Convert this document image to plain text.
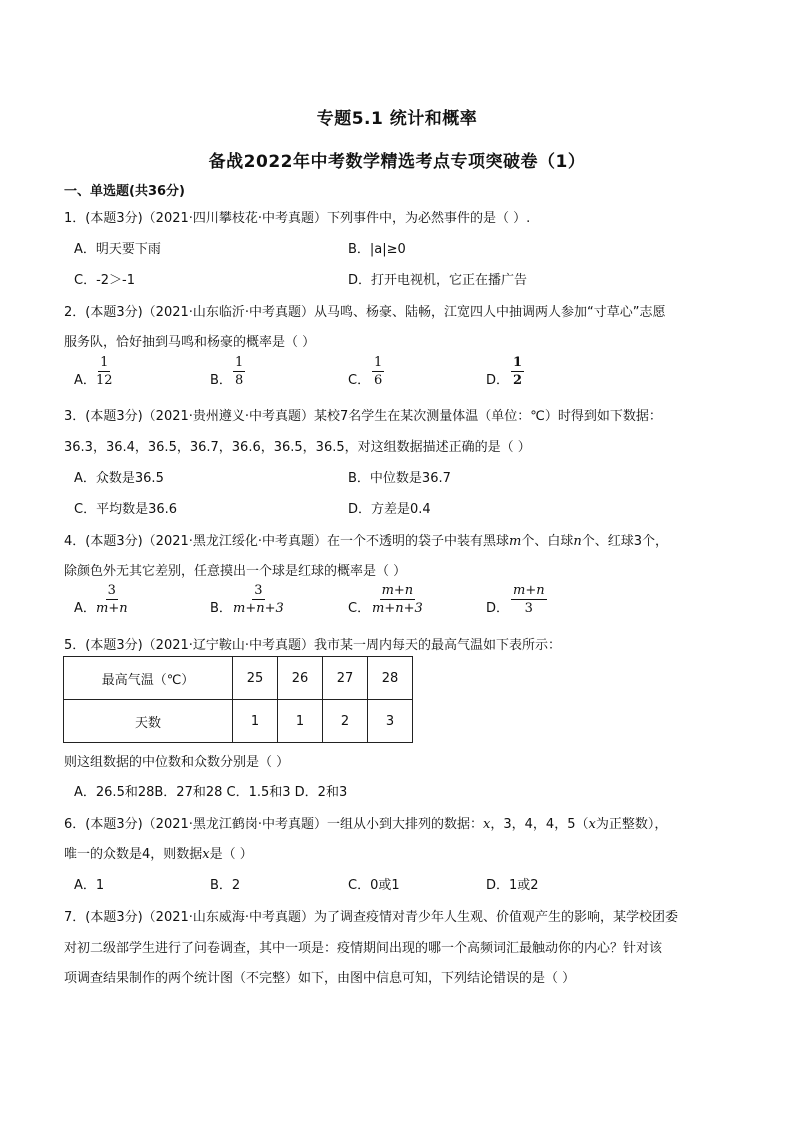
专题5.1 统计和概率
备战2022年中考数学精选考点专项突破卷（1）
一、单选题(共36分)
1．(本题3分)（2021·四川攀枝花·中考真题）下列事件中，为必然事件的是（ ）.
A．明天要下雨	B．|a|≥0
C．-2＞-1	D．打开电视机，它正在播广告
2．(本题3分)（2021·山东临沂·中考真题）从马鸣、杨豪、陆畅，江宽四人中抽调两人参加“寸草心”志愿
服务队，恰好抽到马鸣和杨豪的概率是（ ）
A． $\frac{1}{12}$	B． $\frac{1}{8}$	C． $\frac{1}{6}$	D． $\frac{1}{2}$
3．(本题3分)（2021·贵州遵义·中考真题）某校7名学生在某次测量体温（单位：℃）时得到如下数据：
36.3，36.4，36.5，36.7，36.6，36.5，36.5，对这组数据描述正确的是（ ）
A．众数是36.5	B．中位数是36.7
C．平均数是36.6	D．方差是0.4
4．(本题3分)（2021·黑龙江绥化·中考真题）在一个不透明的袋子中装有黑球m个、白球n个、红球3个，
除颜色外无其它差别，任意摸出一个球是红球的概率是（ ）
A． $\frac{3}{m+n}$	B． $\frac{3}{m+n+3}$	C． $\frac{m+n}{m+n+3}$	D． $\frac{m+n}{3}$
5．(本题3分)（2021·辽宁鞍山·中考真题）我市某一周内每天的最高气温如下表所示：
最高气温（℃）	25	26	27	28
天数	1	1	2	3
则这组数据的中位数和众数分别是（ ）
A．26.5和28B．27和28 C．1.5和3 D．2和3
6．(本题3分)（2021·黑龙江鹤岗·中考真题）一组从小到大排列的数据：x，3，4，4，5（x为正整数），
唯一的众数是4，则数据x是（ ）
A．1	B．2	C．0或1	D．1或2
7．(本题3分)（2021·山东威海·中考真题）为了调查疫情对青少年人生观、价值观产生的影响，某学校团委
对初二级部学生进行了问卷调查，其中一项是：疫情期间出现的哪一个高频词汇最触动你的内心？针对该
项调查结果制作的两个统计图（不完整）如下，由图中信息可知，下列结论错误的是（ ）
